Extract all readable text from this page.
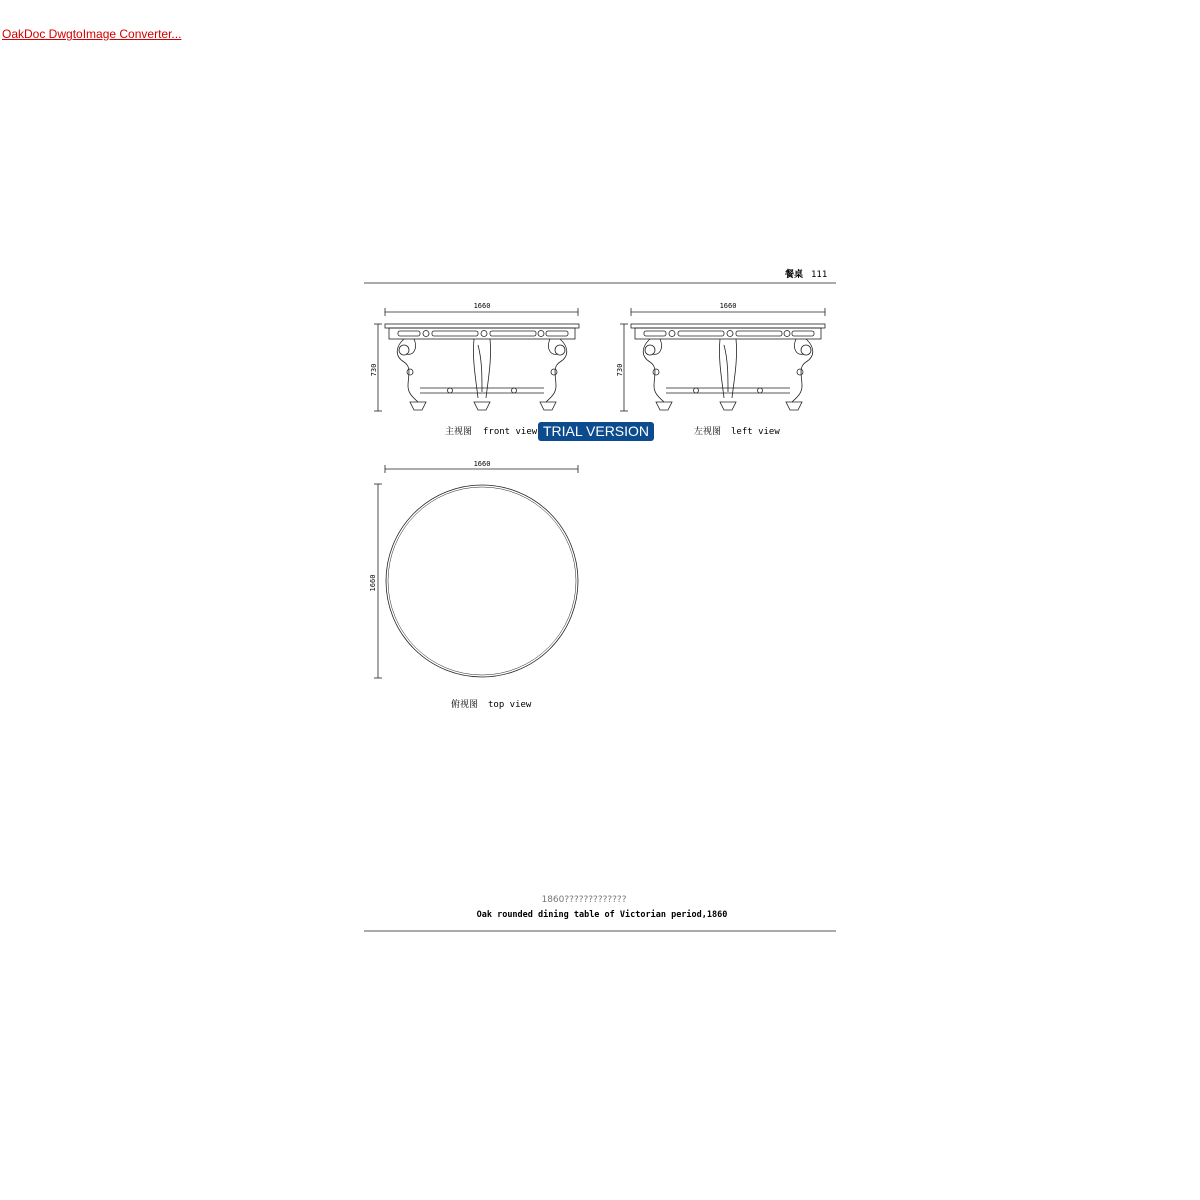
OakDoc DwgtoImage Converter...
餐桌 111
1660
730
主视图 front view
1660
730
左视图 left view
1660
1660
俯视图 top view
1860?????????????
Oak rounded dining table of Victorian period,1860
TRIAL VERSION
